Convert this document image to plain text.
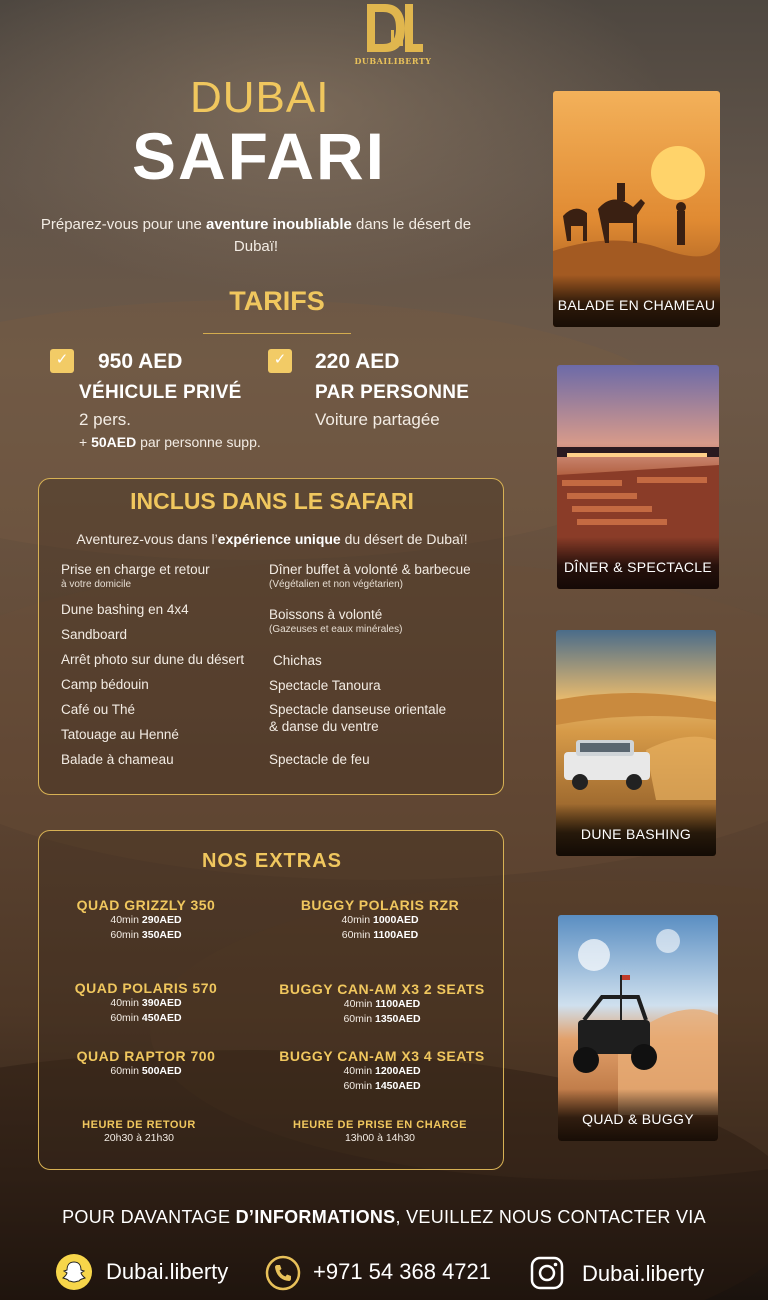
DUBAILIBERTY
DUBAI
SAFARI
Préparez-vous pour une aventure inoubliable dans le désert de Dubaï!
TARIFS
✓ 950 AED
VÉHICULE PRIVÉ
2 pers.
+ 50AED par personne supp.
✓ 220 AED
PAR PERSONNE
Voiture partagée
INCLUS DANS LE SAFARI
Aventurez-vous dans l’expérience unique du désert de Dubaï!
Prise en charge et retour
à votre domicile
Dune bashing en 4x4
Sandboard
Arrêt photo sur dune du désert
Camp bédouin
Café ou Thé
Tatouage au Henné
Balade à chameau
Dîner buffet à volonté & barbecue
(Végétalien et non végétarien)
Boissons à volonté
(Gazeuses et eaux minérales)
Chichas
Spectacle Tanoura
Spectacle danseuse orientale
& danse du ventre
Spectacle de feu
NOS EXTRAS
QUAD GRIZZLY 350
40min 290AED
60min 350AED
BUGGY POLARIS RZR
40min 1000AED
60min 1100AED
QUAD POLARIS 570
40min 390AED
60min 450AED
BUGGY CAN-AM X3 2 SEATS
40min 1100AED
60min 1350AED
QUAD RAPTOR 700
60min 500AED
BUGGY CAN-AM X3 4 SEATS
40min 1200AED
60min 1450AED
HEURE DE RETOUR
20h30 à 21h30
HEURE DE PRISE EN CHARGE
13h00 à 14h30
BALADE EN CHAMEAU
DÎNER & SPECTACLE
DUNE BASHING
QUAD & BUGGY
POUR DAVANTAGE D’INFORMATIONS, VEUILLEZ NOUS CONTACTER VIA
Dubai.liberty	+971 54 368 4721	Dubai.liberty
